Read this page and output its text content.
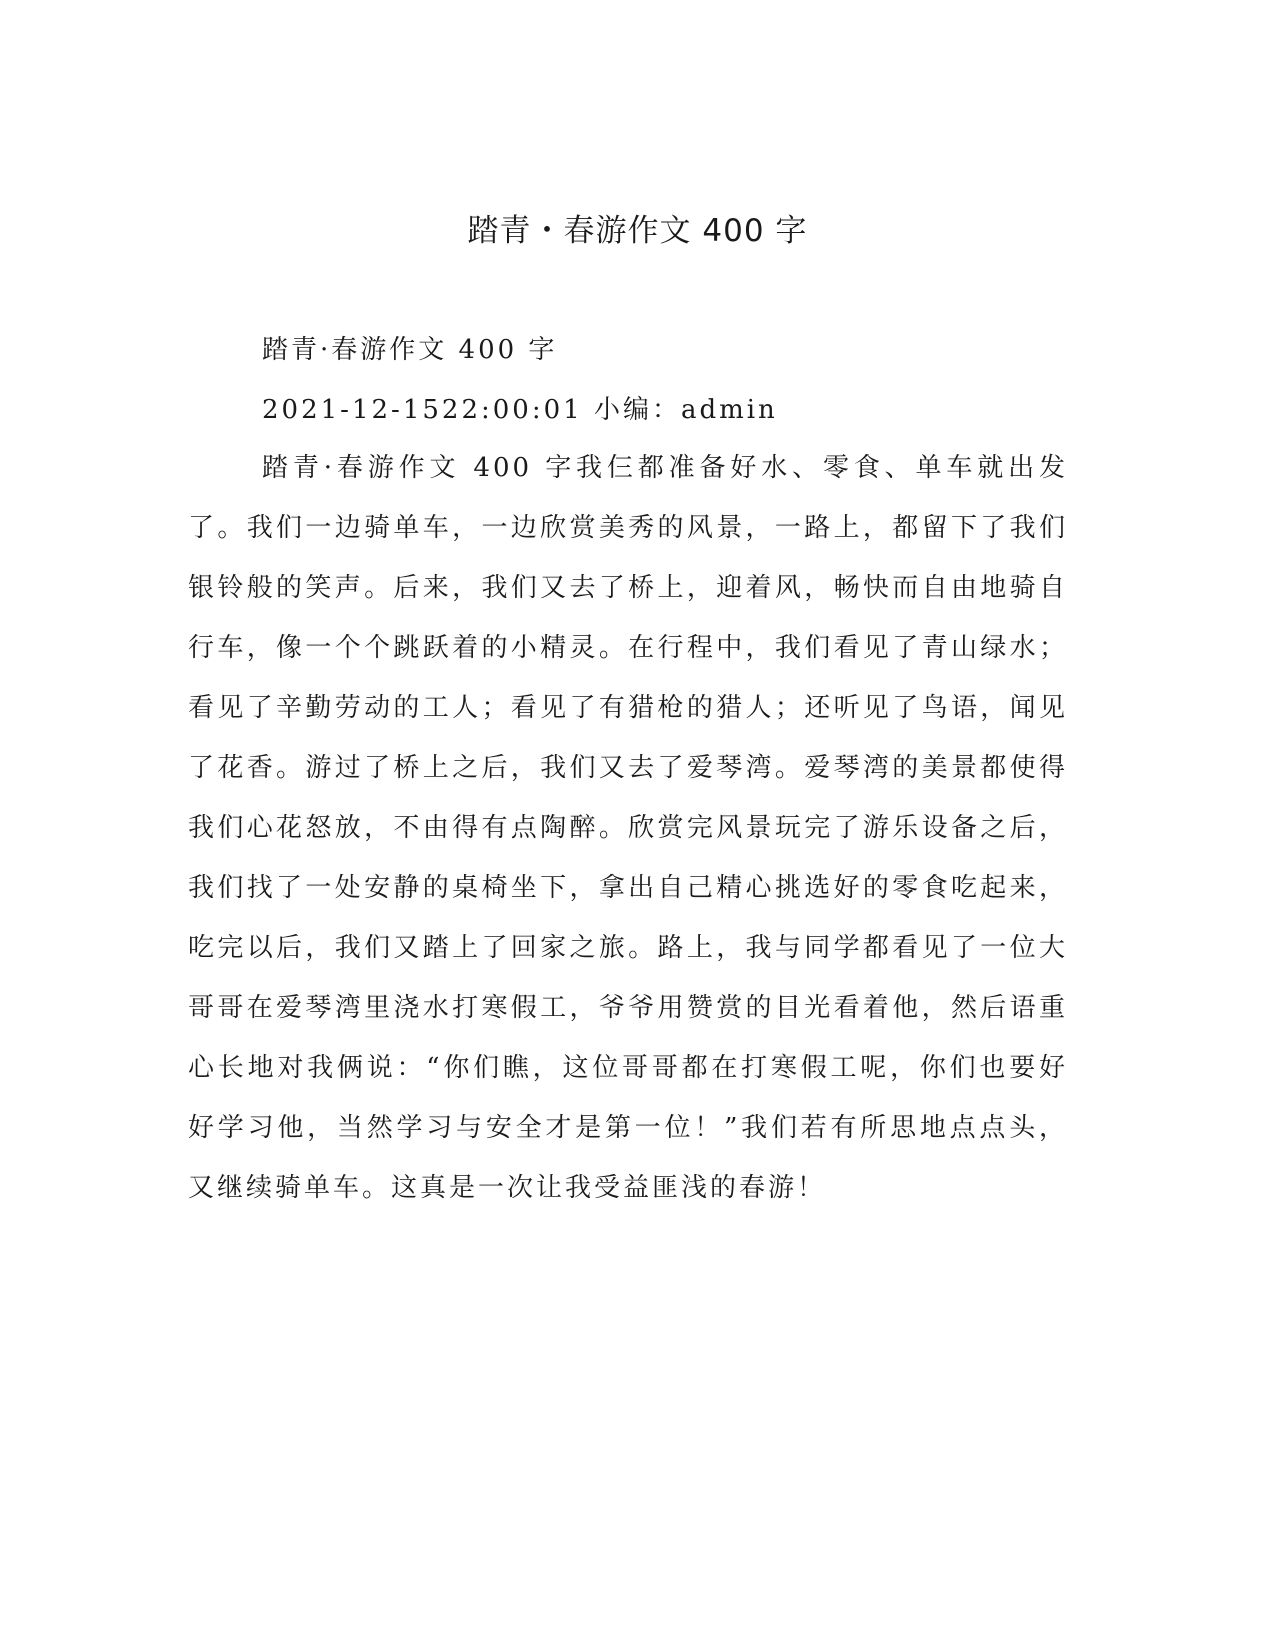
踏青・春游作文 400 字
踏青·春游作文 400 字
2021-12-1522:00:01 小编：admin

踏青·春游作文 400 字我仨都准备好水、零食、单车就出发了。我们一边骑单车，一边欣赏美秀的风景，一路上，都留下了我们银铃般的笑声。后来，我们又去了桥上，迎着风，畅快而自由地骑自行车，像一个个跳跃着的小精灵。在行程中，我们看见了青山绿水；看见了辛勤劳动的工人；看见了有猎枪的猎人；还听见了鸟语，闻见了花香。游过了桥上之后，我们又去了爱琴湾。爱琴湾的美景都使得我们心花怒放，不由得有点陶醉。欣赏完风景玩完了游乐设备之后，我们找了一处安静的桌椅坐下，拿出自己精心挑选好的零食吃起来，吃完以后，我们又踏上了回家之旅。路上，我与同学都看见了一位大哥哥在爱琴湾里浇水打寒假工，爷爷用赞赏的目光看着他，然后语重心长地对我俩说：“你们瞧，这位哥哥都在打寒假工呢，你们也要好好学习他，当然学习与安全才是第一位！”我们若有所思地点点头，又继续骑单车。这真是一次让我受益匪浅的春游！
